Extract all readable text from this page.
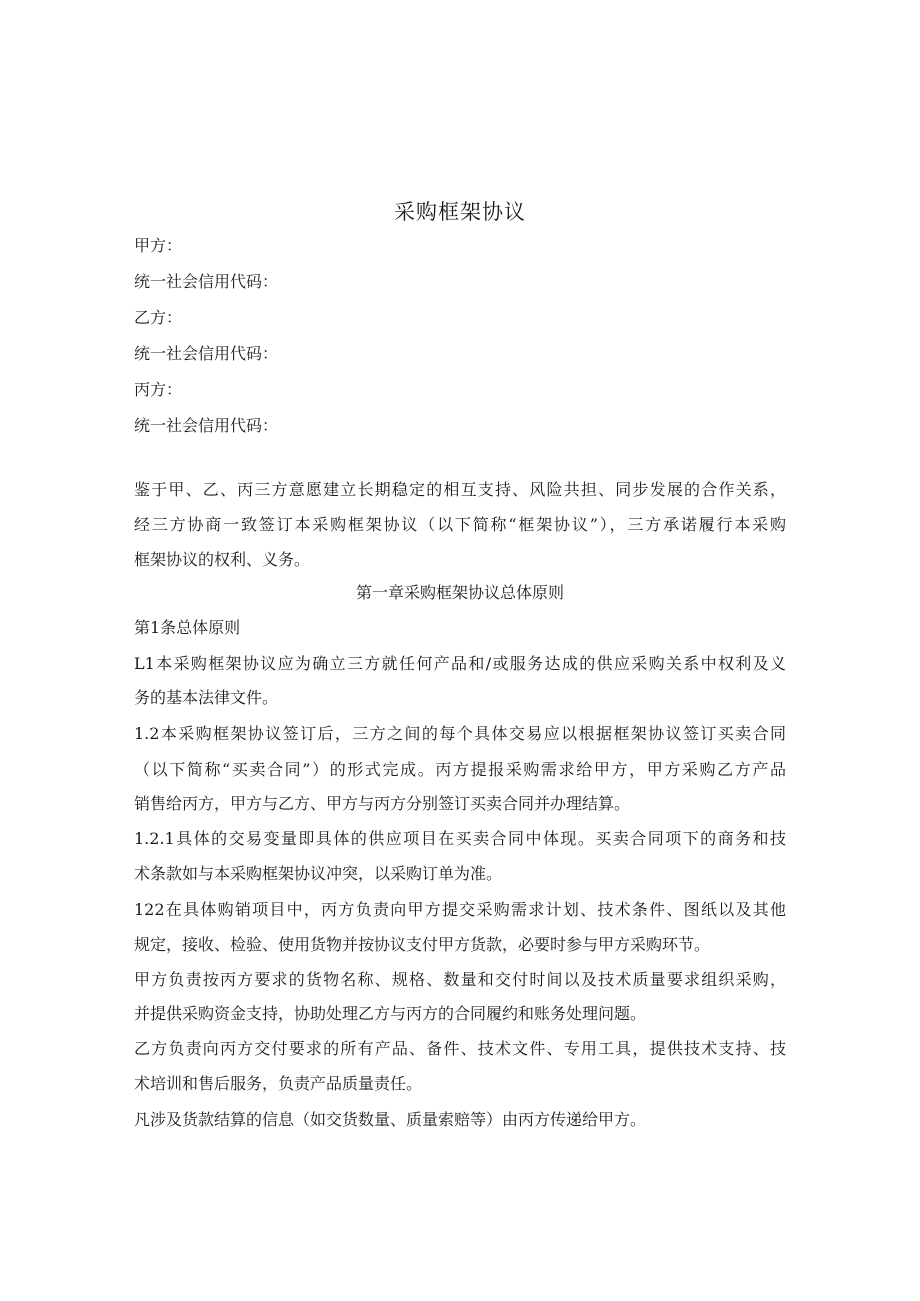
采购框架协议
甲方：
统一社会信用代码：
乙方：
统一社会信用代码：
丙方：
统一社会信用代码：
鉴于甲、乙、丙三方意愿建立长期稳定的相互支持、风险共担、同步发展的合作关系，
经三方协商一致签订本采购框架协议（以下简称“框架协议”），三方承诺履行本采购
框架协议的权利、义务。
第一章采购框架协议总体原则
第1条总体原则
L1本采购框架协议应为确立三方就任何产品和/或服务达成的供应采购关系中权利及义
务的基本法律文件。
1.2本采购框架协议签订后，三方之间的每个具体交易应以根据框架协议签订买卖合同
（以下简称“买卖合同”）的形式完成。丙方提报采购需求给甲方，甲方采购乙方产品
销售给丙方，甲方与乙方、甲方与丙方分别签订买卖合同并办理结算。
1.2.1具体的交易变量即具体的供应项目在买卖合同中体现。买卖合同项下的商务和技
术条款如与本采购框架协议冲突，以采购订单为准。
122在具体购销项目中，丙方负责向甲方提交采购需求计划、技术条件、图纸以及其他
规定，接收、检验、使用货物并按协议支付甲方货款，必要时参与甲方采购环节。
甲方负责按丙方要求的货物名称、规格、数量和交付时间以及技术质量要求组织采购，
并提供采购资金支持，协助处理乙方与丙方的合同履约和账务处理问题。
乙方负责向丙方交付要求的所有产品、备件、技术文件、专用工具，提供技术支持、技
术培训和售后服务，负责产品质量责任。
凡涉及货款结算的信息（如交货数量、质量索赔等）由丙方传递给甲方。
